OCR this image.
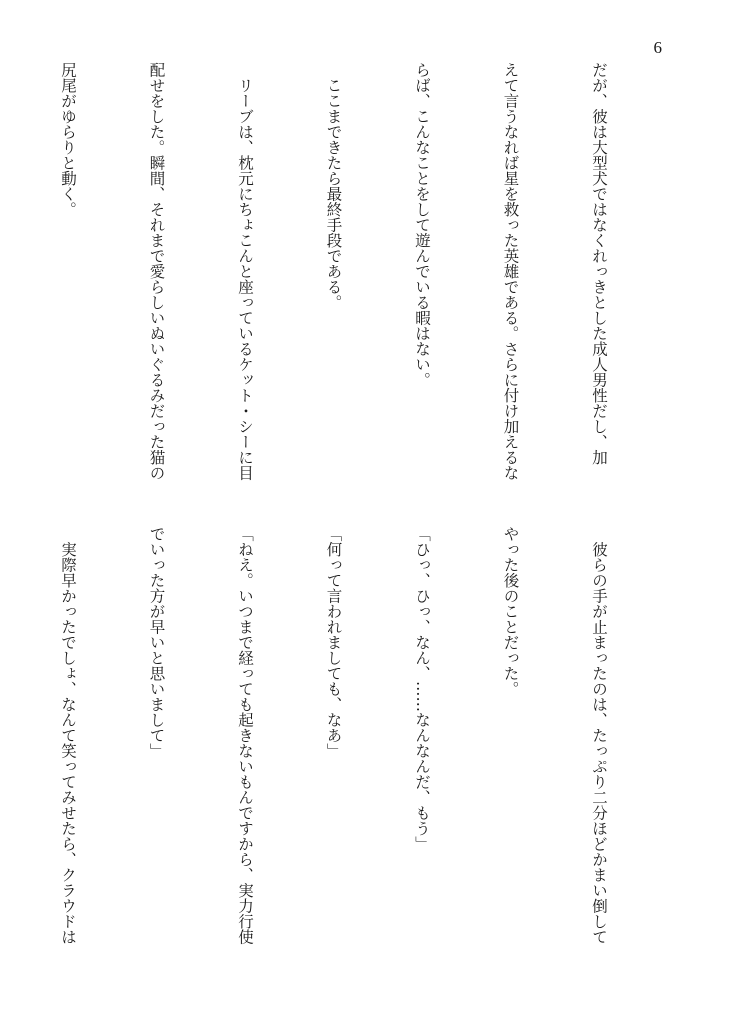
6

だが、彼は大型犬ではなくれっきとした成人男性だし、加

えて言うなれば星を救った英雄である。さらに付け加えるな

らば、こんなことをして遊んでいる暇はない。

　ここまできたら最終手段である。

　リーブは、枕元にちょこんと座っているケット・シーに目

配せをした。瞬間、それまで愛らしいぬいぐるみだった猫の

尻尾がゆらりと動く。

　彼らの手が止まったのは、たっぷり二分ほどかまい倒して

やった後のことだった。

「ひっ、ひっ、なん、……なんなんだ、もう」

「何って言われましても、なあ」

「ねえ。いつまで経っても起きないもんですから、実力行使

でいった方が早いと思いまして」

　実際早かったでしょ、なんて笑ってみせたら、クラウドは
